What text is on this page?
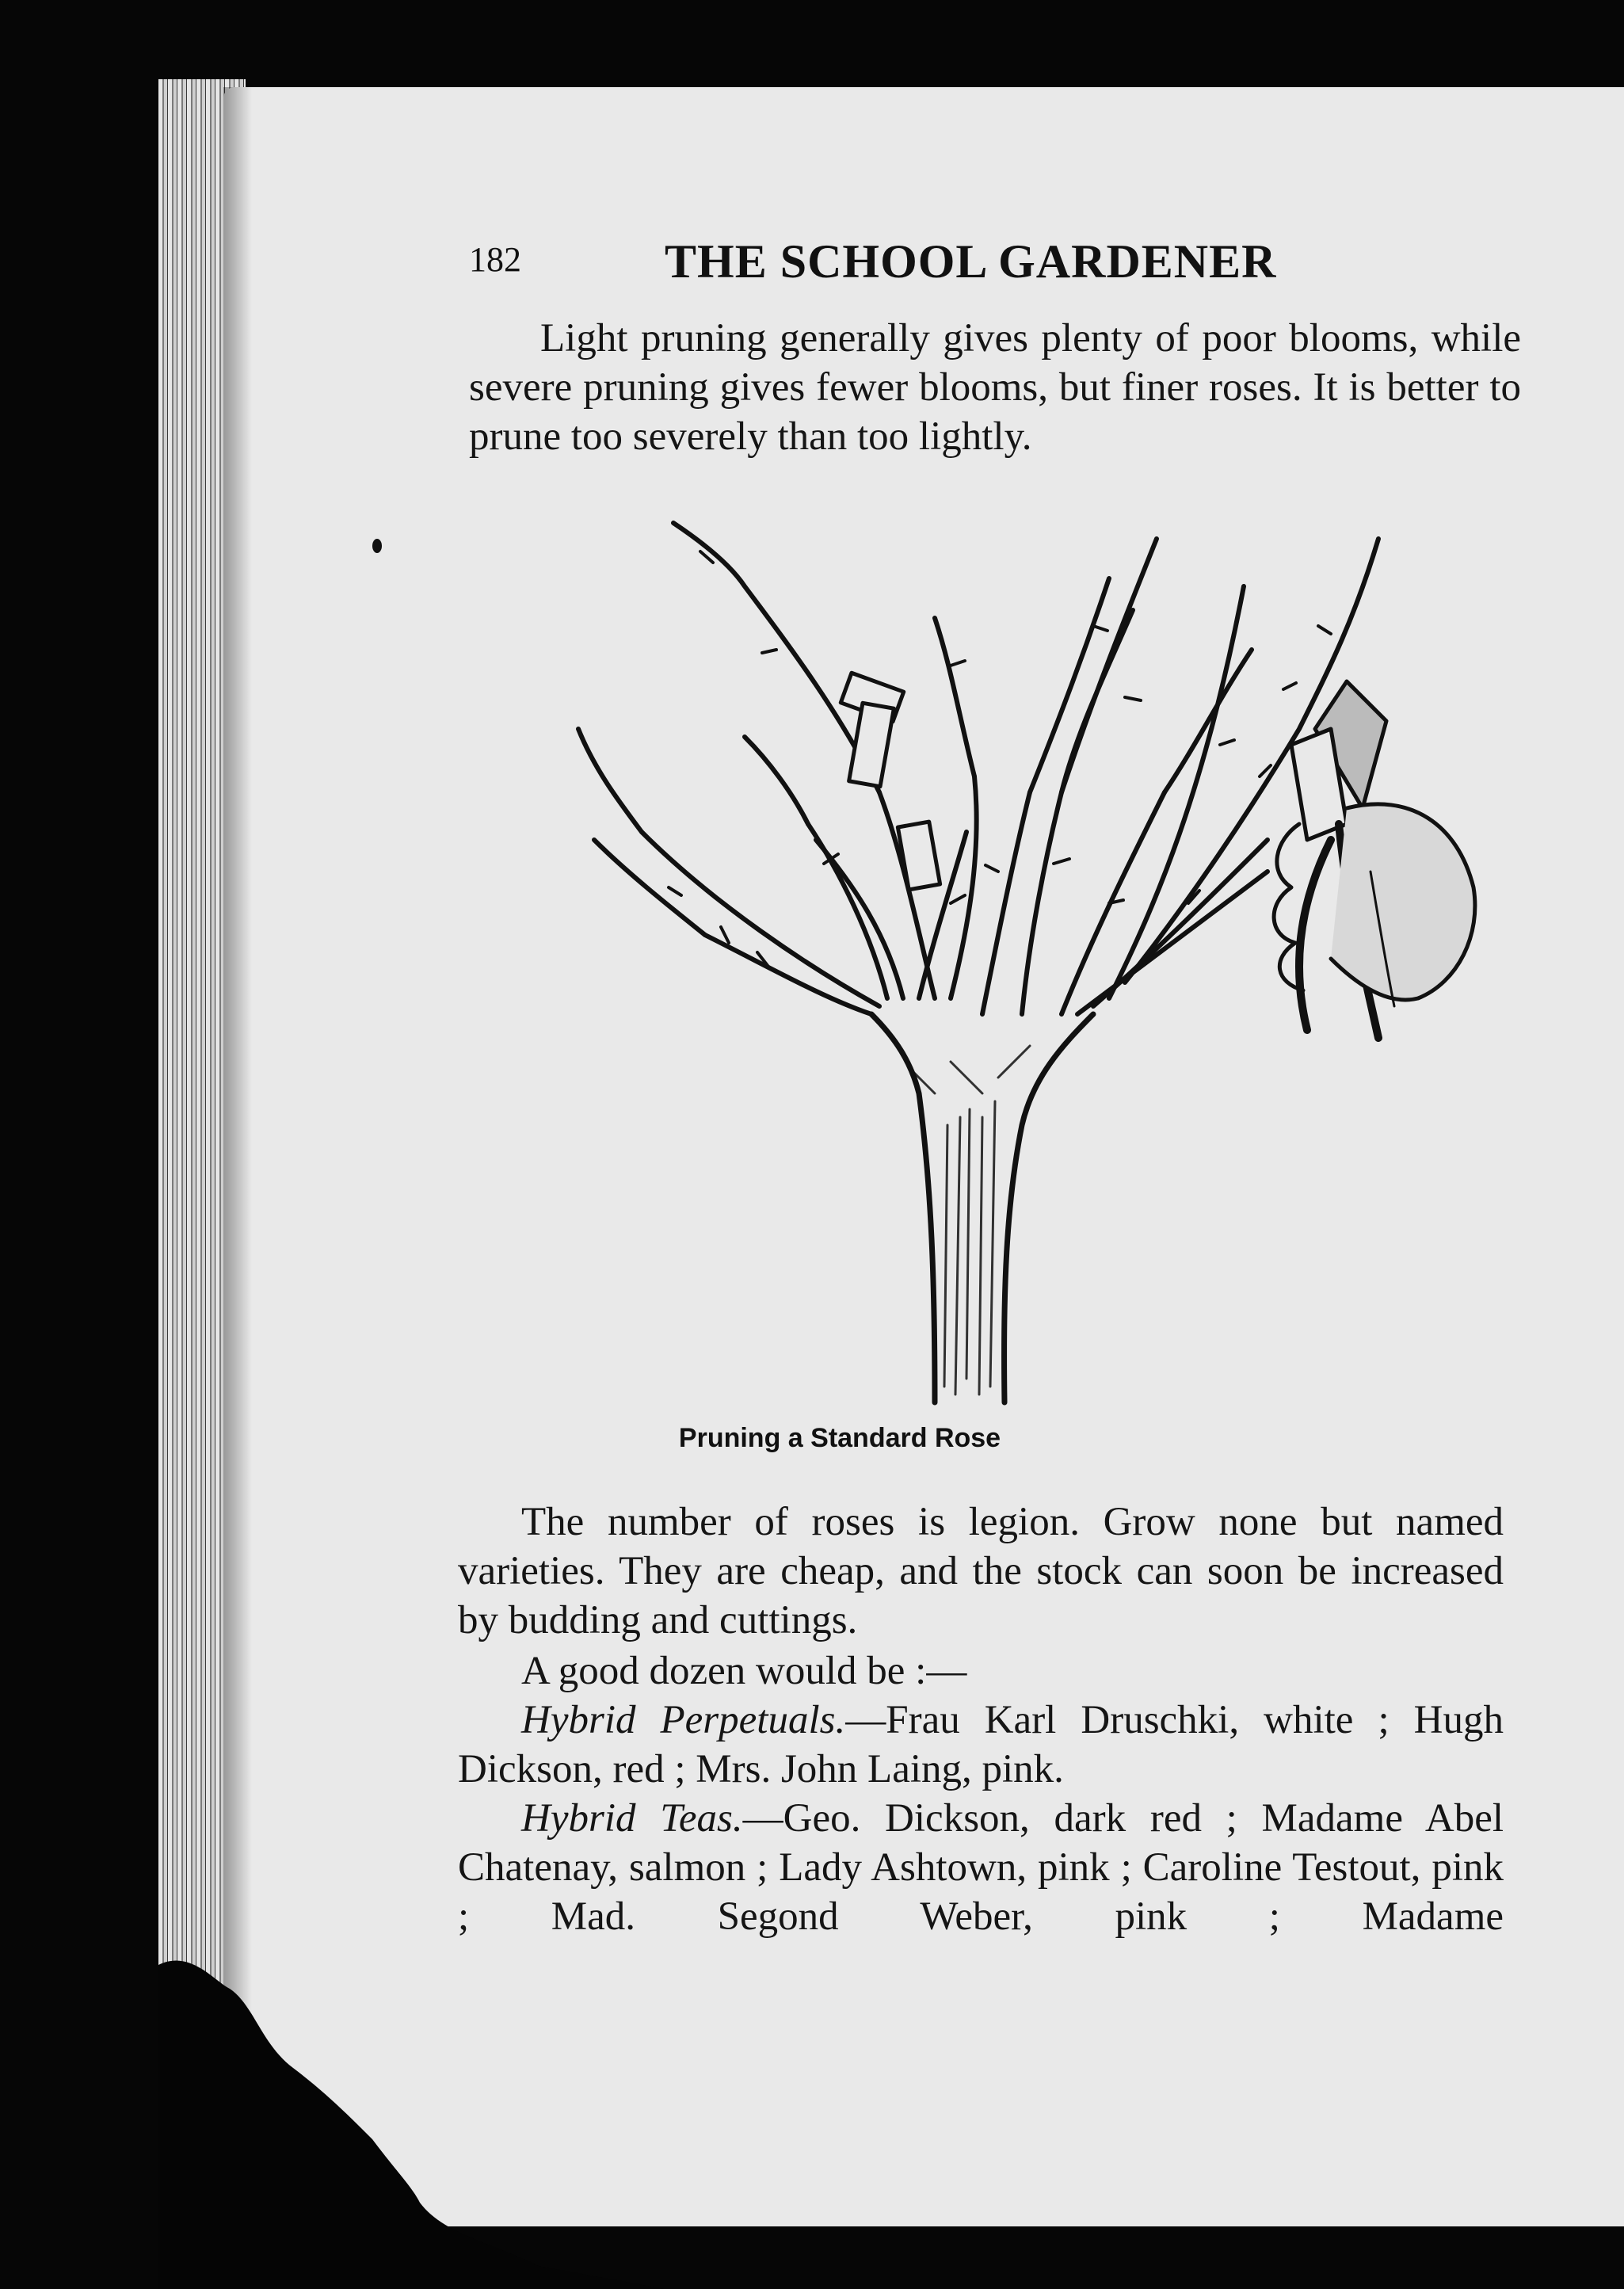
182	THE SCHOOL GARDENER
Light pruning generally gives plenty of poor blooms, while severe pruning gives fewer blooms, but finer roses. It is better to prune too severely than too lightly.
Pruning a Standard Rose
The number of roses is legion. Grow none but named varieties. They are cheap, and the stock can soon be increased by budding and cuttings.
A good dozen would be :—
Hybrid Perpetuals.—Frau Karl Druschki, white ; Hugh Dickson, red ; Mrs. John Laing, pink.
Hybrid Teas.—Geo. Dickson, dark red ; Madame Abel Chatenay, salmon ; Lady Ashtown, pink ; Caroline Testout, pink ; Mad. Segond Weber, pink ; Madame
